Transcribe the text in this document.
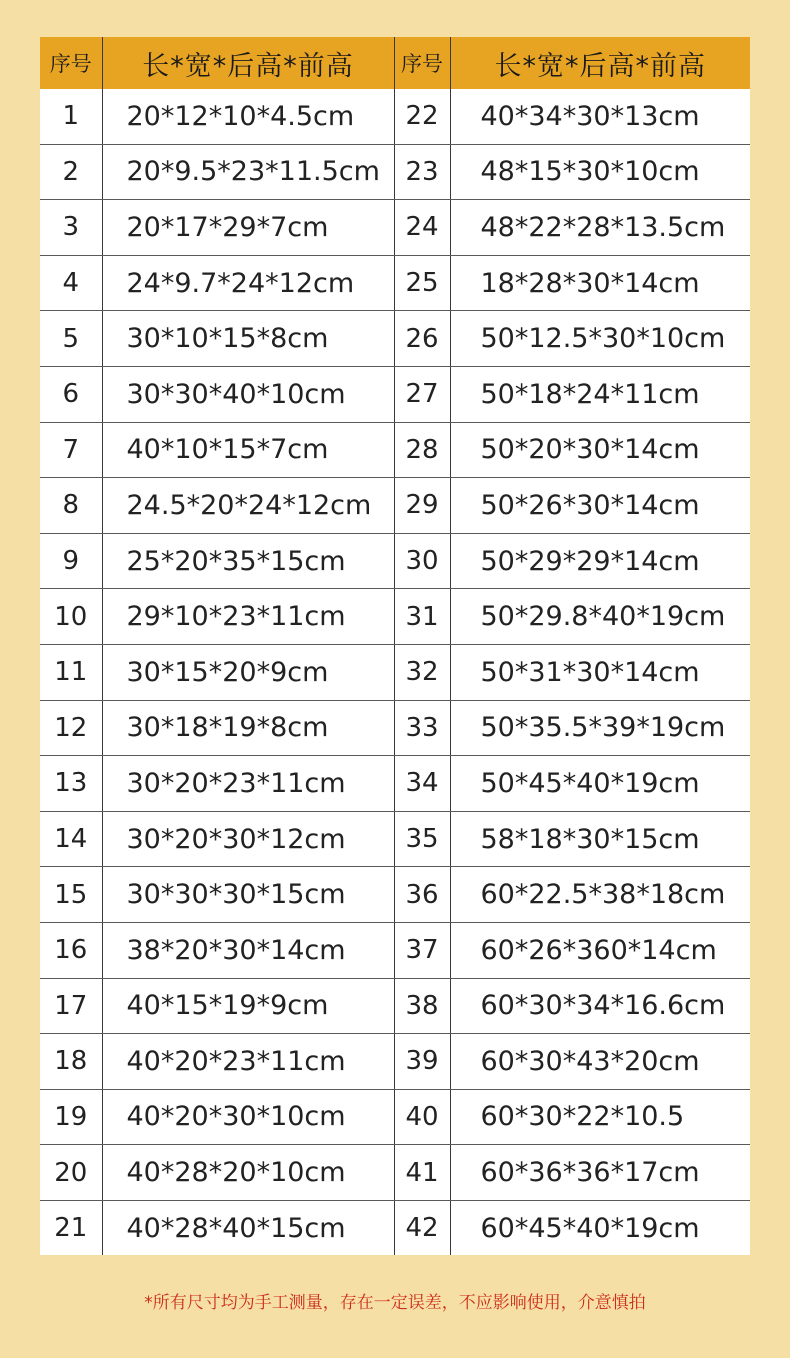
序号	长*宽*后高*前高	序号	长*宽*后高*前高
1	20*12*10*4.5cm	22	40*34*30*13cm
2	20*9.5*23*11.5cm	23	48*15*30*10cm
3	20*17*29*7cm	24	48*22*28*13.5cm
4	24*9.7*24*12cm	25	18*28*30*14cm
5	30*10*15*8cm	26	50*12.5*30*10cm
6	30*30*40*10cm	27	50*18*24*11cm
7	40*10*15*7cm	28	50*20*30*14cm
8	24.5*20*24*12cm	29	50*26*30*14cm
9	25*20*35*15cm	30	50*29*29*14cm
10	29*10*23*11cm	31	50*29.8*40*19cm
11	30*15*20*9cm	32	50*31*30*14cm
12	30*18*19*8cm	33	50*35.5*39*19cm
13	30*20*23*11cm	34	50*45*40*19cm
14	30*20*30*12cm	35	58*18*30*15cm
15	30*30*30*15cm	36	60*22.5*38*18cm
16	38*20*30*14cm	37	60*26*360*14cm
17	40*15*19*9cm	38	60*30*34*16.6cm
18	40*20*23*11cm	39	60*30*43*20cm
19	40*20*30*10cm	40	60*30*22*10.5
20	40*28*20*10cm	41	60*36*36*17cm
21	40*28*40*15cm	42	60*45*40*19cm
*所有尺寸均为手工测量，存在一定误差，不应影响使用，介意慎拍
